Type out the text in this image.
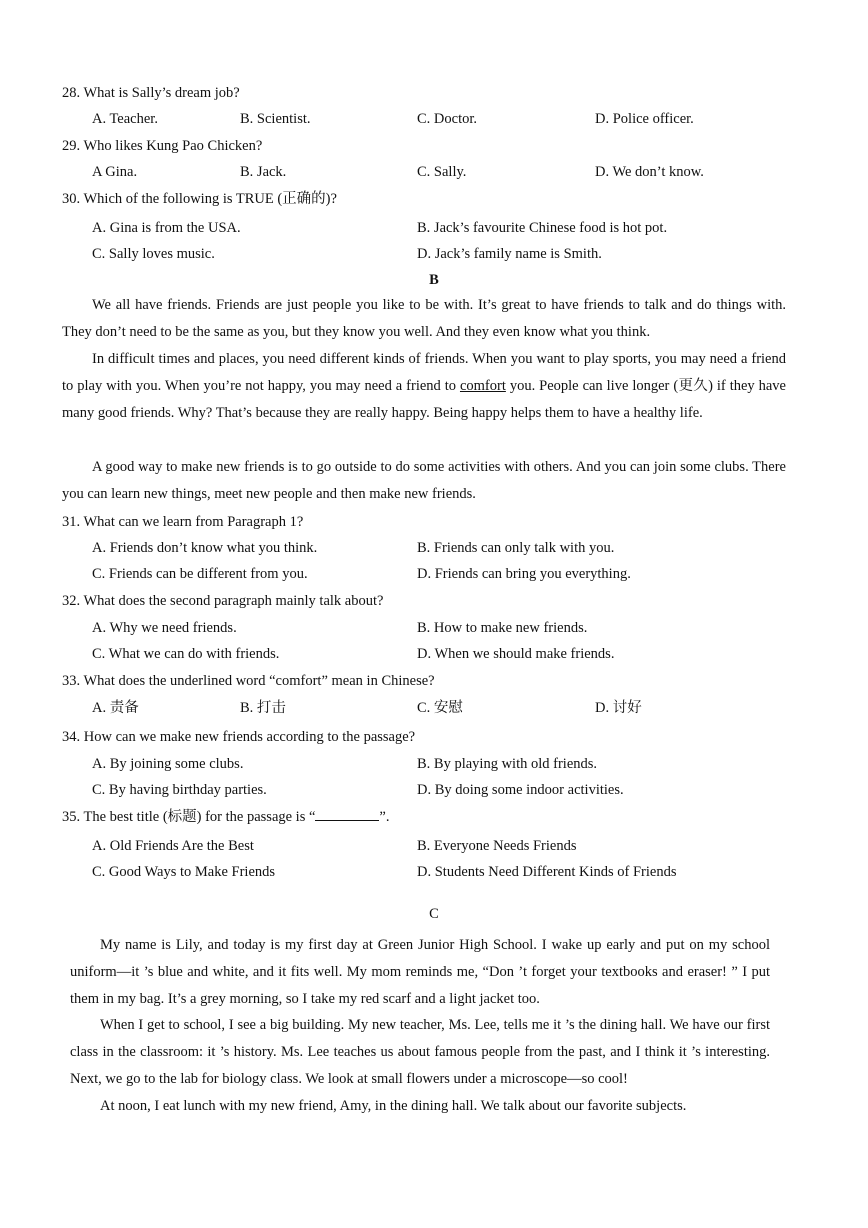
28. What is Sally’s dream job?
A. Teacher.	B. Scientist.	C. Doctor.	D. Police officer.
29. Who likes Kung Pao Chicken?
A Gina.	B. Jack.	C. Sally.	D. We don’t know.
30. Which of the following is TRUE (正确的)?
A. Gina is from the USA.	B. Jack’s favourite Chinese food is hot pot.
C. Sally loves music.	D. Jack’s family name is Smith.
B
We all have friends. Friends are just people you like to be with. It’s great to have friends to talk and do things with. They don’t need to be the same as you, but they know you well. And they even know what you think.
In difficult times and places, you need different kinds of friends. When you want to play sports, you may need a friend to play with you. When you’re not happy, you may need a friend to comfort you. People can live longer (更久) if they have many good friends. Why? That’s because they are really happy. Being happy helps them to have a healthy life.
A good way to make new friends is to go outside to do some activities with others. And you can join some clubs. There you can learn new things, meet new people and then make new friends.
31. What can we learn from Paragraph 1?
A. Friends don’t know what you think.	B. Friends can only talk with you.
C. Friends can be different from you.	D. Friends can bring you everything.
32. What does the second paragraph mainly talk about?
A. Why we need friends.	B. How to make new friends.
C. What we can do with friends.	D. When we should make friends.
33. What does the underlined word “comfort” mean in Chinese?
A. 责备	B. 打击	C. 安慰	D. 讨好
34. How can we make new friends according to the passage?
A. By joining some clubs.	B. By playing with old friends.
C. By having birthday parties.	D. By doing some indoor activities.
35. The best title (标题) for the passage is “	”.
A. Old Friends Are the Best	B. Everyone Needs Friends
C. Good Ways to Make Friends	D. Students Need Different Kinds of Friends
C
My name is Lily, and today is my first day at Green Junior High School. I wake up early and put on my school uniform—it ’s blue and white, and it fits well. My mom reminds me, “Don ’t forget your textbooks and eraser! ” I put them in my bag. It’s a grey morning, so I take my red scarf and a light jacket too.
When I get to school, I see a big building. My new teacher, Ms. Lee, tells me it ’s the dining hall. We have our first class in the classroom: it ’s history. Ms. Lee teaches us about famous people from the past, and I think it ’s interesting. Next, we go to the lab for biology class. We look at small flowers under a microscope—so cool!
At noon, I eat lunch with my new friend, Amy, in the dining hall. We talk about our favorite subjects.
